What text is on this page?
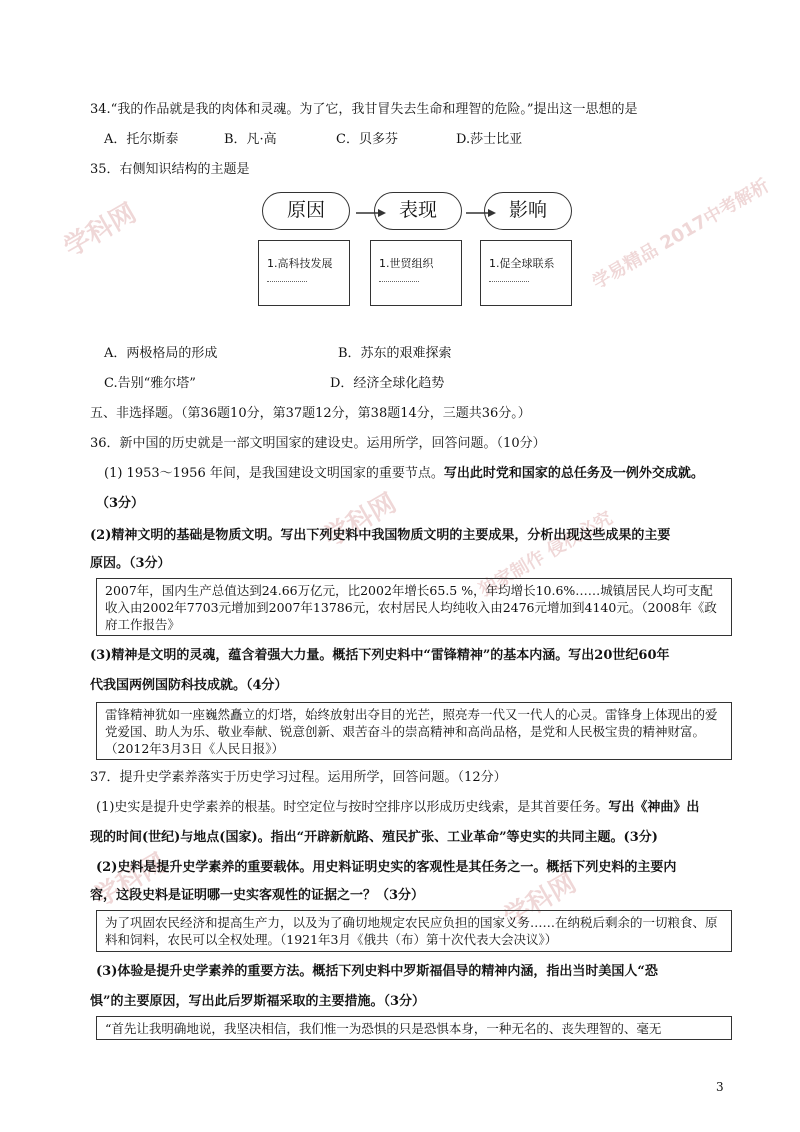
学科网	学易精品 2017中考解析
学科网	独家制作 侵权必究
学科网	学科网
34.“我的作品就是我的肉体和灵魂。为了它，我甘冒失去生命和理智的危险。”提出这一思想的是
A．托尔斯泰	B．凡·高	C．贝多芬	D.莎士比亚
35．右侧知识结构的主题是
原因	表现	影响
1.高科技发展	1.世贸组织	1.促全球联系
A．两极格局的形成	B．苏东的艰难探索
C.告别“雅尔塔”	D．经济全球化趋势
五、非选择题。（第36题10分，第37题12分，第38题14分，三题共36分。）
36．新中国的历史就是一部文明国家的建设史。运用所学，回答问题。（10分）
(1) 1953～1956 年间，是我国建设文明国家的重要节点。写出此时党和国家的总任务及一例外交成就。
（3分）
(2)精神文明的基础是物质文明。写出下列史料中我国物质文明的主要成果，分析出现这些成果的主要
原因。（3分）
2007年，国内生产总值达到24.66万亿元，比2002年增长65.5 %，年均增长10.6%……城镇居民人均可支配收入由2002年7703元增加到2007年13786元，农村居民人均纯收入由2476元增加到4140元。（2008年《政府工作报告》
(3)精神是文明的灵魂，蕴含着强大力量。概括下列史料中“雷锋精神”的基本内涵。写出20世纪60年
代我国两例国防科技成就。（4分）
雷锋精神犹如一座巍然矗立的灯塔，始终放射出夺目的光芒，照亮寿一代又一代人的心灵。雷锋身上体现出的爱党爱国、助人为乐、敬业奉献、锐意创新、艰苦奋斗的崇高精神和高尚品格，是党和人民极宝贵的精神财富。（2012年3月3日《人民日报》）
37．提升史学素养落实于历史学习过程。运用所学，回答问题。（12分）
(1)史实是提升史学素养的根基。时空定位与按时空排序以形成历史线索，是其首要任务。写出《神曲》出
现的时间(世纪)与地点(国家)。指出“开辟新航路、殖民扩张、工业革命”等史实的共同主题。(3分)
(2)史料是提升史学素养的重要载体。用史料证明史实的客观性是其任务之一。概括下列史料的主要内
容，这段史料是证明哪一史实客观性的证据之一？（3分）
为了巩固农民经济和提高生产力，以及为了确切地规定农民应负担的国家义务……在纳税后剩余的一切粮食、原料和饲料，农民可以全权处理。（1921年3月《俄共（布）第十次代表大会决议》）
(3)体验是提升史学素养的重要方法。概括下列史料中罗斯福倡导的精神内涵，指出当时美国人“恐
惧”的主要原因，写出此后罗斯福采取的主要措施。（3分）
“首先让我明确地说，我坚决相信，我们惟一为恐惧的只是恐惧本身，一种无名的、丧失理智的、毫无
3
